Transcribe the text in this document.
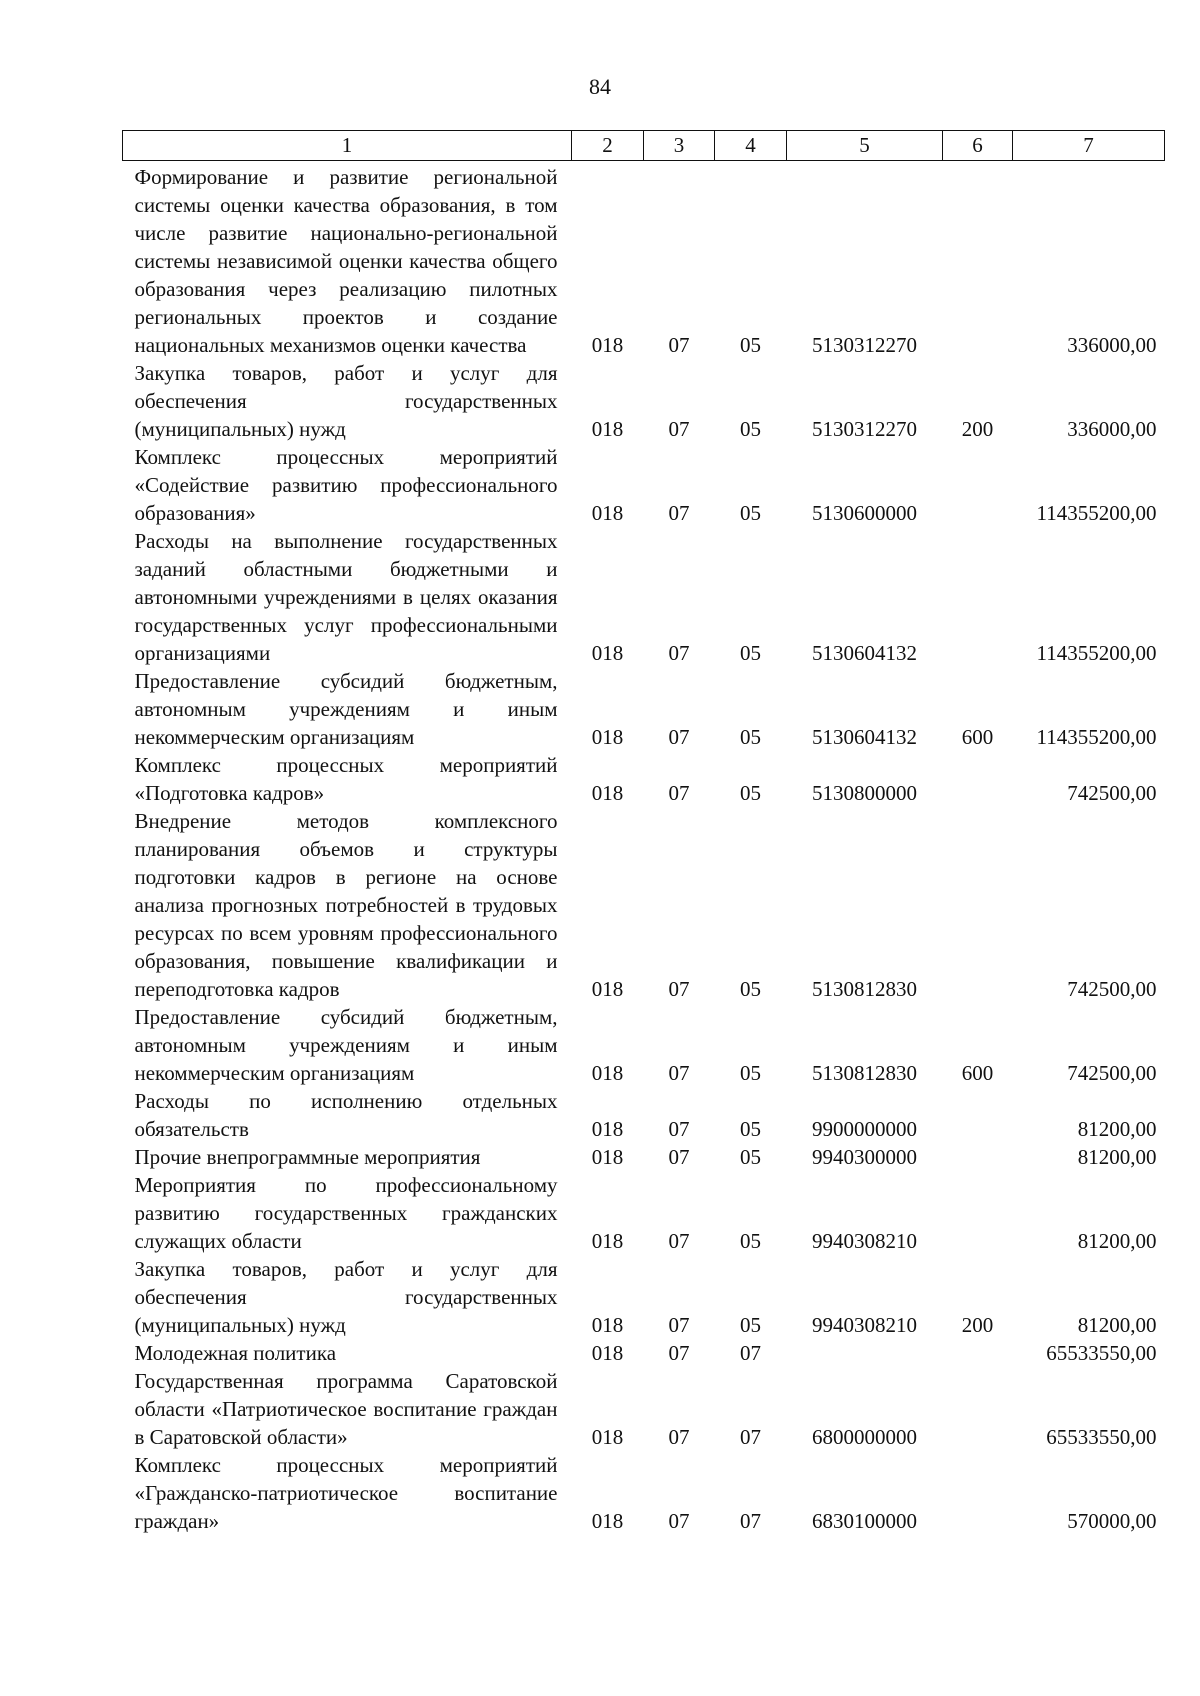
84
1	2	3	4	5	6	7
Формирование и развитие региональной системы оценки качества образования, в том числе развитие национально-региональной системы независимой оценки качества общего образования через реализацию пилотных региональных проектов и создание национальных механизмов оценки качества	018	07	05	5130312270		336000,00
Закупка товаров, работ и услуг для обеспечения государственных (муниципальных) нужд	018	07	05	5130312270	200	336000,00
Комплекс процессных мероприятий «Содействие развитию профессионального образования»	018	07	05	5130600000		114355200,00
Расходы на выполнение государственных заданий областными бюджетными и автономными учреждениями в целях оказания государственных услуг профессиональными организациями	018	07	05	5130604132		114355200,00
Предоставление субсидий бюджетным, автономным учреждениям и иным некоммерческим организациям	018	07	05	5130604132	600	114355200,00
Комплекс процессных мероприятий «Подготовка кадров»	018	07	05	5130800000		742500,00
Внедрение методов комплексного планирования объемов и структуры подготовки кадров в регионе на основе анализа прогнозных потребностей в трудовых ресурсах по всем уровням профессионального образования, повышение квалификации и переподготовка кадров	018	07	05	5130812830		742500,00
Предоставление субсидий бюджетным, автономным учреждениям и иным некоммерческим организациям	018	07	05	5130812830	600	742500,00
Расходы по исполнению отдельных обязательств	018	07	05	9900000000		81200,00
Прочие внепрограммные мероприятия	018	07	05	9940300000		81200,00
Мероприятия по профессиональному развитию государственных гражданских служащих области	018	07	05	9940308210		81200,00
Закупка товаров, работ и услуг для обеспечения государственных (муниципальных) нужд	018	07	05	9940308210	200	81200,00
Молодежная политика	018	07	07			65533550,00
Государственная программа Саратовской области «Патриотическое воспитание граждан в Саратовской области»	018	07	07	6800000000		65533550,00
Комплекс процессных мероприятий «Гражданско-патриотическое воспитание граждан»	018	07	07	6830100000		570000,00
